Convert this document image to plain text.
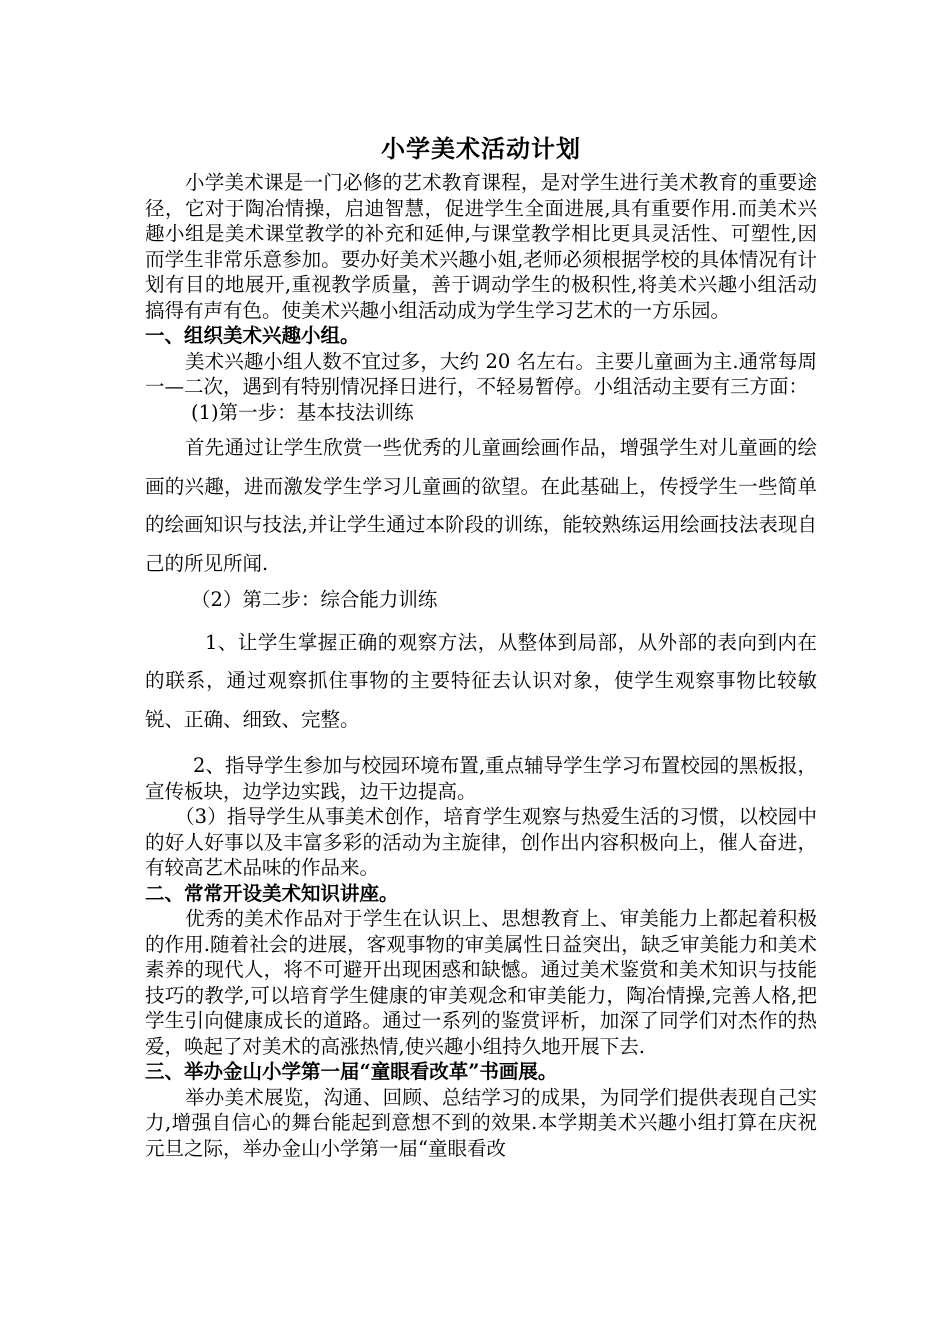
小学美术活动计划

小学美术课是一门必修的艺术教育课程，是对学生进行美术教育的重要途径，它对于陶冶情操，启迪智慧，促进学生全面进展,具有重要作用.而美术兴趣小组是美术课堂教学的补充和延伸,与课堂教学相比更具灵活性、可塑性,因而学生非常乐意参加。要办好美术兴趣小姐,老师必须根据学校的具体情况有计划有目的地展开,重视教学质量，善于调动学生的极积性,将美术兴趣小组活动搞得有声有色。使美术兴趣小组活动成为学生学习艺术的一方乐园。

一、组织美术兴趣小组。

美术兴趣小组人数不宜过多，大约 20 名左右。主要儿童画为主.通常每周一—二次，遇到有特别情况择日进行，不轻易暂停。小组活动主要有三方面：

(1)第一步：基本技法训练

首先通过让学生欣赏一些优秀的儿童画绘画作品，增强学生对儿童画的绘画的兴趣，进而激发学生学习儿童画的欲望。在此基础上，传授学生一些简单的绘画知识与技法,并让学生通过本阶段的训练，能较熟练运用绘画技法表现自己的所见所闻.

（2）第二步：综合能力训练

1、让学生掌握正确的观察方法，从整体到局部，从外部的表向到内在的联系，通过观察抓住事物的主要特征去认识对象，使学生观察事物比较敏锐、正确、细致、完整。

2、指导学生参加与校园环境布置,重点辅导学生学习布置校园的黑板报，宣传板块，边学边实践，边干边提高。

（3）指导学生从事美术创作，培育学生观察与热爱生活的习惯，以校园中的好人好事以及丰富多彩的活动为主旋律，创作出内容积极向上，催人奋进，有较高艺术品味的作品来。

二、常常开设美术知识讲座。

优秀的美术作品对于学生在认识上、思想教育上、审美能力上都起着积极的作用.随着社会的进展，客观事物的审美属性日益突出，缺乏审美能力和美术素养的现代人，将不可避开出现困惑和缺憾。通过美术鉴赏和美术知识与技能技巧的教学,可以培育学生健康的审美观念和审美能力，陶冶情操,完善人格,把学生引向健康成长的道路。通过一系列的鉴赏评析，加深了同学们对杰作的热爱，唤起了对美术的高涨热情,使兴趣小组持久地开展下去.

三、举办金山小学第一届“童眼看改革”书画展。

举办美术展览，沟通、回顾、总结学习的成果，为同学们提供表现自己实力,增强自信心的舞台能起到意想不到的效果.本学期美术兴趣小组打算在庆祝元旦之际，举办金山小学第一届“童眼看改
